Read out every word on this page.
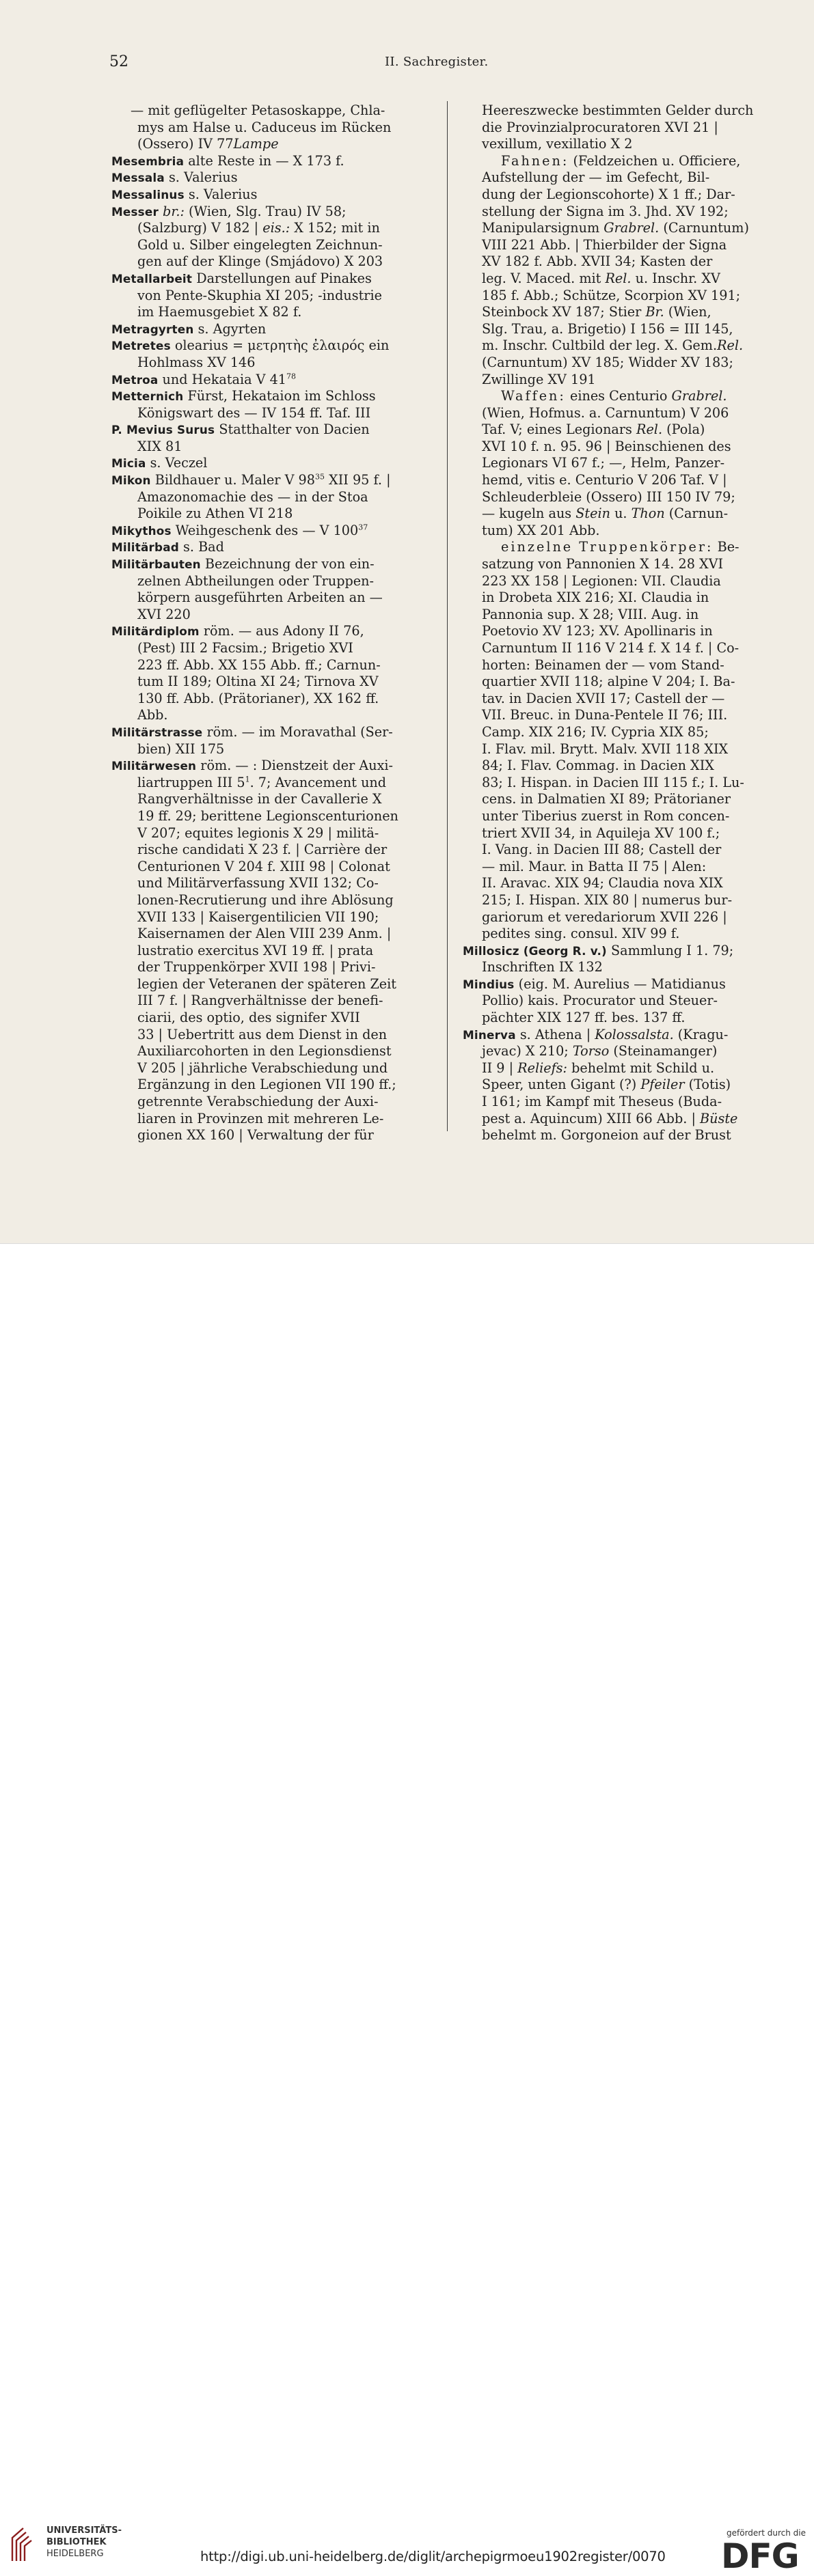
52	II. Sachregister.
— mit geflügelter Petasoskappe, Chla-
mys am Halse u. Caduceus im Rücken
(Ossero) IV 77Lampe
Mesembria alte Reste in — X 173 f.
Messala s. Valerius
Messalinus s. Valerius
Messer br.: (Wien, Slg. Trau) IV 58;
(Salzburg) V 182 | eis.: X 152; mit in
Gold u. Silber eingelegten Zeichnun-
gen auf der Klinge (Smjádovo) X 203
Metallarbeit Darstellungen auf Pinakes
von Pente-Skuphia XI 205; -industrie
im Haemusgebiet X 82 f.
Metragyrten s. Agyrten
Metretes olearius = μετρητὴς ἐλαιρός ein
Hohlmass XV 146
Metroa und Hekataia V $41^{78}$
Metternich Fürst, Hekataion im Schloss
Königswart des — IV 154 ff. Taf. III
P. Mevius Surus Statthalter von Dacien
XIX 81
Micia s. Veczel
Mikon Bildhauer u. Maler V $98^{35}$ XII 95 f. |
Amazonomachie des — in der Stoa
Poikile zu Athen VI 218
Mikythos Weihgeschenk des — V $100^{37}$
Militärbad s. Bad
Militärbauten Bezeichnung der von ein-
zelnen Abtheilungen oder Truppen-
körpern ausgeführten Arbeiten an —
XVI 220
Militärdiplom röm. — aus Adony II 76,
(Pest) III 2 Facsim.; Brigetio XVI
223 ff. Abb. XX 155 Abb. ff.; Carnun-
tum II 189; Oltina XI 24; Tirnova XV
130 ff. Abb. (Prätorianer), XX 162 ff.
Abb.
Militärstrasse röm. — im Moravathal (Ser-
bien) XII 175
Militärwesen röm. — : Dienstzeit der Auxi-
liartruppen III $5^1$. 7; Avancement und
Rangverhältnisse in der Cavallerie X
19 ff. 29; berittene Legionscenturionen
V 207; equites legionis X 29 | militä-
rische candidati X 23 f. | Carrière der
Centurionen V 204 f. XIII 98 | Colonat
und Militärverfassung XVII 132; Co-
lonen-Recrutierung und ihre Ablösung
XVII 133 | Kaisergentilicien VII 190;
Kaisernamen der Alen VIII 239 Anm. |
lustratio exercitus XVI 19 ff. | prata
der Truppenkörper XVII 198 | Privi-
legien der Veteranen der späteren Zeit
III 7 f. | Rangverhältnisse der benefi-
ciarii, des optio, des signifer XVII
33 | Uebertritt aus dem Dienst in den
Auxiliarcohorten in den Legionsdienst
V 205 | jährliche Verabschiedung und
Ergänzung in den Legionen VII 190 ff.;
getrennte Verabschiedung der Auxi-
liaren in Provinzen mit mehreren Le-
gionen XX 160 | Verwaltung der für
Heereszwecke bestimmten Gelder durch
die Provinzialprocuratoren XVI 21 |
vexillum, vexillatio X 2
Fahnen: (Feldzeichen u. Officiere,
Aufstellung der — im Gefecht, Bil-
dung der Legionscohorte) X 1 ff.; Dar-
stellung der Signa im 3. Jhd. XV 192;
Manipularsignum Grabrel. (Carnuntum)
VIII 221 Abb. | Thierbilder der Signa
XV 182 f. Abb. XVII 34; Kasten der
leg. V. Maced. mit Rel. u. Inschr. XV
185 f. Abb.; Schütze, Scorpion XV 191;
Steinbock XV 187; Stier Br. (Wien,
Slg. Trau, a. Brigetio) I 156 = III 145,
m. Inschr. Cultbild der leg. X. Gem.Rel.
(Carnuntum) XV 185; Widder XV 183;
Zwillinge XV 191
Waffen: eines Centurio Grabrel.
(Wien, Hofmus. a. Carnuntum) V 206
Taf. V; eines Legionars Rel. (Pola)
XVI 10 f. n. 95. 96 | Beinschienen des
Legionars VI 67 f.; —, Helm, Panzer-
hemd, vitis e. Centurio V 206 Taf. V |
Schleuderbleie (Ossero) III 150 IV 79;
— kugeln aus Stein u. Thon (Carnun-
tum) XX 201 Abb.
einzelne Truppenkörper: Be-
satzung von Pannonien X 14. 28 XVI
223 XX 158 | Legionen: VII. Claudia
in Drobeta XIX 216; XI. Claudia in
Pannonia sup. X 28; VIII. Aug. in
Poetovio XV 123; XV. Apollinaris in
Carnuntum II 116 V 214 f. X 14 f. | Co-
horten: Beinamen der — vom Stand-
quartier XVII 118; alpine V 204; I. Ba-
tav. in Dacien XVII 17; Castell der —
VII. Breuc. in Duna-Pentele II 76; III.
Camp. XIX 216; IV. Cypria XIX 85;
I. Flav. mil. Brytt. Malv. XVII 118 XIX
84; I. Flav. Commag. in Dacien XIX
83; I. Hispan. in Dacien III 115 f.; I. Lu-
cens. in Dalmatien XI 89; Prätorianer
unter Tiberius zuerst in Rom concen-
triert XVII 34, in Aquileja XV 100 f.;
I. Vang. in Dacien III 88; Castell der
— mil. Maur. in Batta II 75 | Alen:
II. Aravac. XIX 94; Claudia nova XIX
215; I. Hispan. XIX 80 | numerus bur-
gariorum et veredariorum XVII 226 |
pedites sing. consul. XIV 99 f.
Millosicz (Georg R. v.) Sammlung I 1. 79;
Inschriften IX 132
Mindius (eig. M. Aurelius — Matidianus
Pollio) kais. Procurator und Steuer-
pächter XIX 127 ff. bes. 137 ff.
Minerva s. Athena | Kolossalsta. (Kragu-
jevac) X 210; Torso (Steinamanger)
II 9 | Reliefs: behelmt mit Schild u.
Speer, unten Gigant (?) Pfeiler (Totis)
I 161; im Kampf mit Theseus (Buda-
pest a. Aquincum) XIII 66 Abb. | Büste
behelmt m. Gorgoneion auf der Brust
UNIVERSITÄTS-
BIBLIOTHEK
HEIDELBERG	http://digi.ub.uni-heidelberg.de/diglit/archepigrmoeu1902register/0070
gefördert durch die
DFG
